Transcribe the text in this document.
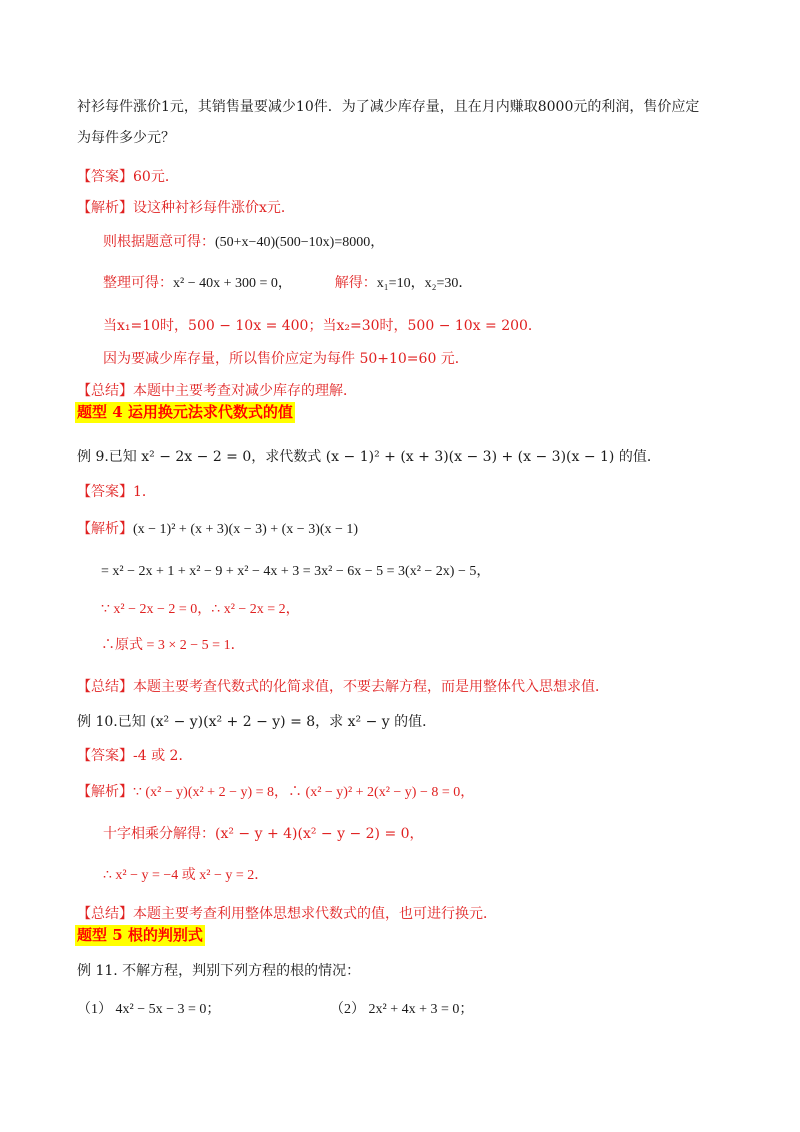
衬衫每件涨价1元，其销售量要减少10件．为了减少库存量，且在月内赚取8000元的利润，售价应定
为每件多少元？
【答案】60元．
【解析】设这种衬衫每件涨价x元．
则根据题意可得：(50+x−40)(500−10x)=8000，
整理可得：x² − 40x + 300 = 0，	解得：x₁=10，x₂=30．
当x₁=10时，500 − 10x = 400；当x₂=30时，500 − 10x = 200．
因为要减少库存量，所以售价应定为每件 50+10=60 元．
【总结】本题中主要考查对减少库存的理解．
题型 4 运用换元法求代数式的值
例 9.已知 x² − 2x − 2 = 0，求代数式 (x − 1)² + (x + 3)(x − 3) + (x − 3)(x − 1) 的值．
【答案】1．
【解析】(x − 1)² + (x + 3)(x − 3) + (x − 3)(x − 1)
= x² − 2x + 1 + x² − 9 + x² − 4x + 3 = 3x² − 6x − 5 = 3(x² − 2x) − 5，
∵ x² − 2x − 2 = 0，∴ x² − 2x = 2，
∴原式 = 3 × 2 − 5 = 1．
【总结】本题主要考查代数式的化简求值，不要去解方程，而是用整体代入思想求值．
例 10.已知 (x² − y)(x² + 2 − y) = 8，求 x² − y 的值．
【答案】-4 或 2．
【解析】∵ (x² − y)(x² + 2 − y) = 8，∴ (x² − y)² + 2(x² − y) − 8 = 0，
十字相乘分解得：(x² − y + 4)(x² − y − 2) = 0，
∴ x² − y = −4 或 x² − y = 2．
【总结】本题主要考查利用整体思想求代数式的值，也可进行换元．
题型 5 根的判别式
例 11. 不解方程，判别下列方程的根的情况：
（1） 4x² − 5x − 3 = 0；	（2） 2x² + 4x + 3 = 0；
